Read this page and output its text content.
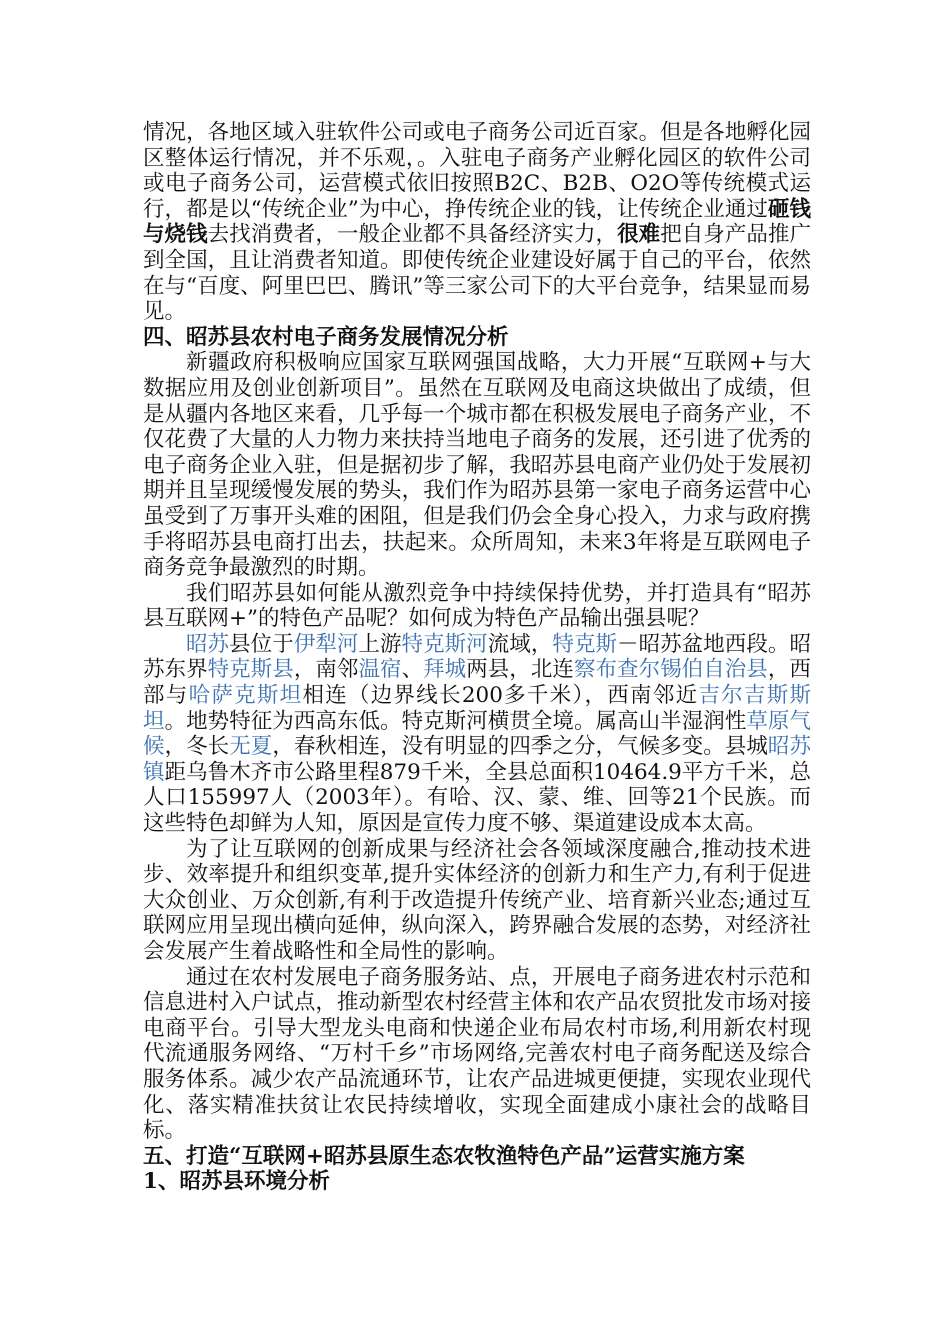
情况，各地区域入驻软件公司或电子商务公司近百家。但是各地孵化园区整体运行情况，并不乐观，。入驻电子商务产业孵化园区的软件公司或电子商务公司，运营模式依旧按照B2C、B2B、O2O等传统模式运行，都是以“传统企业”为中心，挣传统企业的钱，让传统企业通过砸钱与烧钱去找消费者，一般企业都不具备经济实力，很难把自身产品推广到全国，且让消费者知道。即使传统企业建设好属于自己的平台，依然在与“百度、阿里巴巴、腾讯”等三家公司下的大平台竞争，结果显而易见。

四、昭苏县农村电子商务发展情况分析

新疆政府积极响应国家互联网强国战略，大力开展“互联网+与大数据应用及创业创新项目”。虽然在互联网及电商这块做出了成绩，但是从疆内各地区来看，几乎每一个城市都在积极发展电子商务产业，不仅花费了大量的人力物力来扶持当地电子商务的发展，还引进了优秀的电子商务企业入驻，但是据初步了解，我昭苏县电商产业仍处于发展初期并且呈现缓慢发展的势头，我们作为昭苏县第一家电子商务运营中心虽受到了万事开头难的困阻，但是我们仍会全身心投入，力求与政府携手将昭苏县电商打出去，扶起来。众所周知，未来3年将是互联网电子商务竞争最激烈的时期。

我们昭苏县如何能从激烈竞争中持续保持优势，并打造具有“昭苏县互联网+”的特色产品呢？如何成为特色产品输出强县呢？

昭苏县位于伊犁河上游特克斯河流域，特克斯－昭苏盆地西段。昭苏东界特克斯县，南邻温宿、拜城两县，北连察布查尔锡伯自治县，西部与哈萨克斯坦相连（边界线长200多千米），西南邻近吉尔吉斯斯坦。地势特征为西高东低。特克斯河横贯全境。属高山半湿润性草原气候，冬长无夏，春秋相连，没有明显的四季之分，气候多变。县城昭苏镇距乌鲁木齐市公路里程879千米，全县总面积10464.9平方千米，总人口155997人（2003年）。有哈、汉、蒙、维、回等21个民族。而这些特色却鲜为人知，原因是宣传力度不够、渠道建设成本太高。

为了让互联网的创新成果与经济社会各领域深度融合,推动技术进步、效率提升和组织变革,提升实体经济的创新力和生产力,有利于促进大众创业、万众创新,有利于改造提升传统产业、培育新兴业态;通过互联网应用呈现出横向延伸，纵向深入，跨界融合发展的态势，对经济社会发展产生着战略性和全局性的影响。

通过在农村发展电子商务服务站、点，开展电子商务进农村示范和信息进村入户试点，推动新型农村经营主体和农产品农贸批发市场对接电商平台。引导大型龙头电商和快递企业布局农村市场,利用新农村现代流通服务网络、“万村千乡”市场网络,完善农村电子商务配送及综合服务体系。减少农产品流通环节，让农产品进城更便捷，实现农业现代化、落实精准扶贫让农民持续增收，实现全面建成小康社会的战略目标。

五、打造“互联网+昭苏县原生态农牧渔特色产品”运营实施方案

1、昭苏县环境分析
